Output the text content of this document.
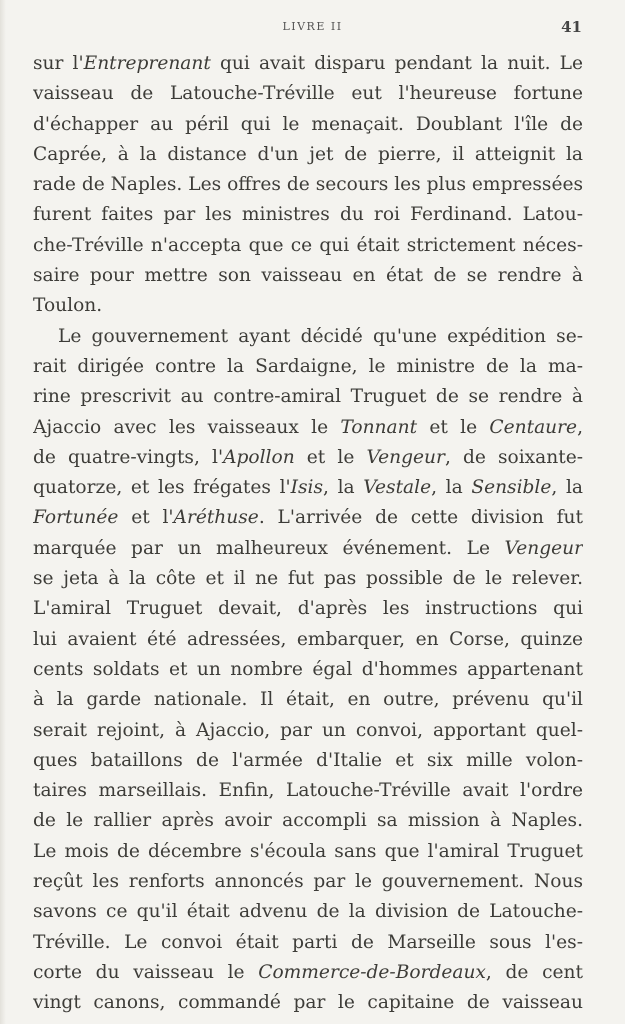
LIVRE II	41
sur l'Entreprenant qui avait disparu pendant la nuit. Le
vaisseau de Latouche-Tréville eut l'heureuse fortune
d'échapper au péril qui le menaçait. Doublant l'île de
Caprée, à la distance d'un jet de pierre, il atteignit la
rade de Naples. Les offres de secours les plus empressées
furent faites par les ministres du roi Ferdinand. Latou-
che-Tréville n'accepta que ce qui était strictement néces-
saire pour mettre son vaisseau en état de se rendre à
Toulon.
Le gouvernement ayant décidé qu'une expédition se-
rait dirigée contre la Sardaigne, le ministre de la ma-
rine prescrivit au contre-amiral Truguet de se rendre à
Ajaccio avec les vaisseaux le Tonnant et le Centaure,
de quatre-vingts, l'Apollon et le Vengeur, de soixante-
quatorze, et les frégates l'Isis, la Vestale, la Sensible, la
Fortunée et l'Aréthuse. L'arrivée de cette division fut
marquée par un malheureux événement. Le Vengeur
se jeta à la côte et il ne fut pas possible de le relever.
L'amiral Truguet devait, d'après les instructions qui
lui avaient été adressées, embarquer, en Corse, quinze
cents soldats et un nombre égal d'hommes appartenant
à la garde nationale. Il était, en outre, prévenu qu'il
serait rejoint, à Ajaccio, par un convoi, apportant quel-
ques bataillons de l'armée d'Italie et six mille volon-
taires marseillais. Enfin, Latouche-Tréville avait l'ordre
de le rallier après avoir accompli sa mission à Naples.
Le mois de décembre s'écoula sans que l'amiral Truguet
reçût les renforts annoncés par le gouvernement. Nous
savons ce qu'il était advenu de la division de Latouche-
Tréville. Le convoi était parti de Marseille sous l'es-
corte du vaisseau le Commerce-de-Bordeaux, de cent
vingt canons, commandé par le capitaine de vaisseau
